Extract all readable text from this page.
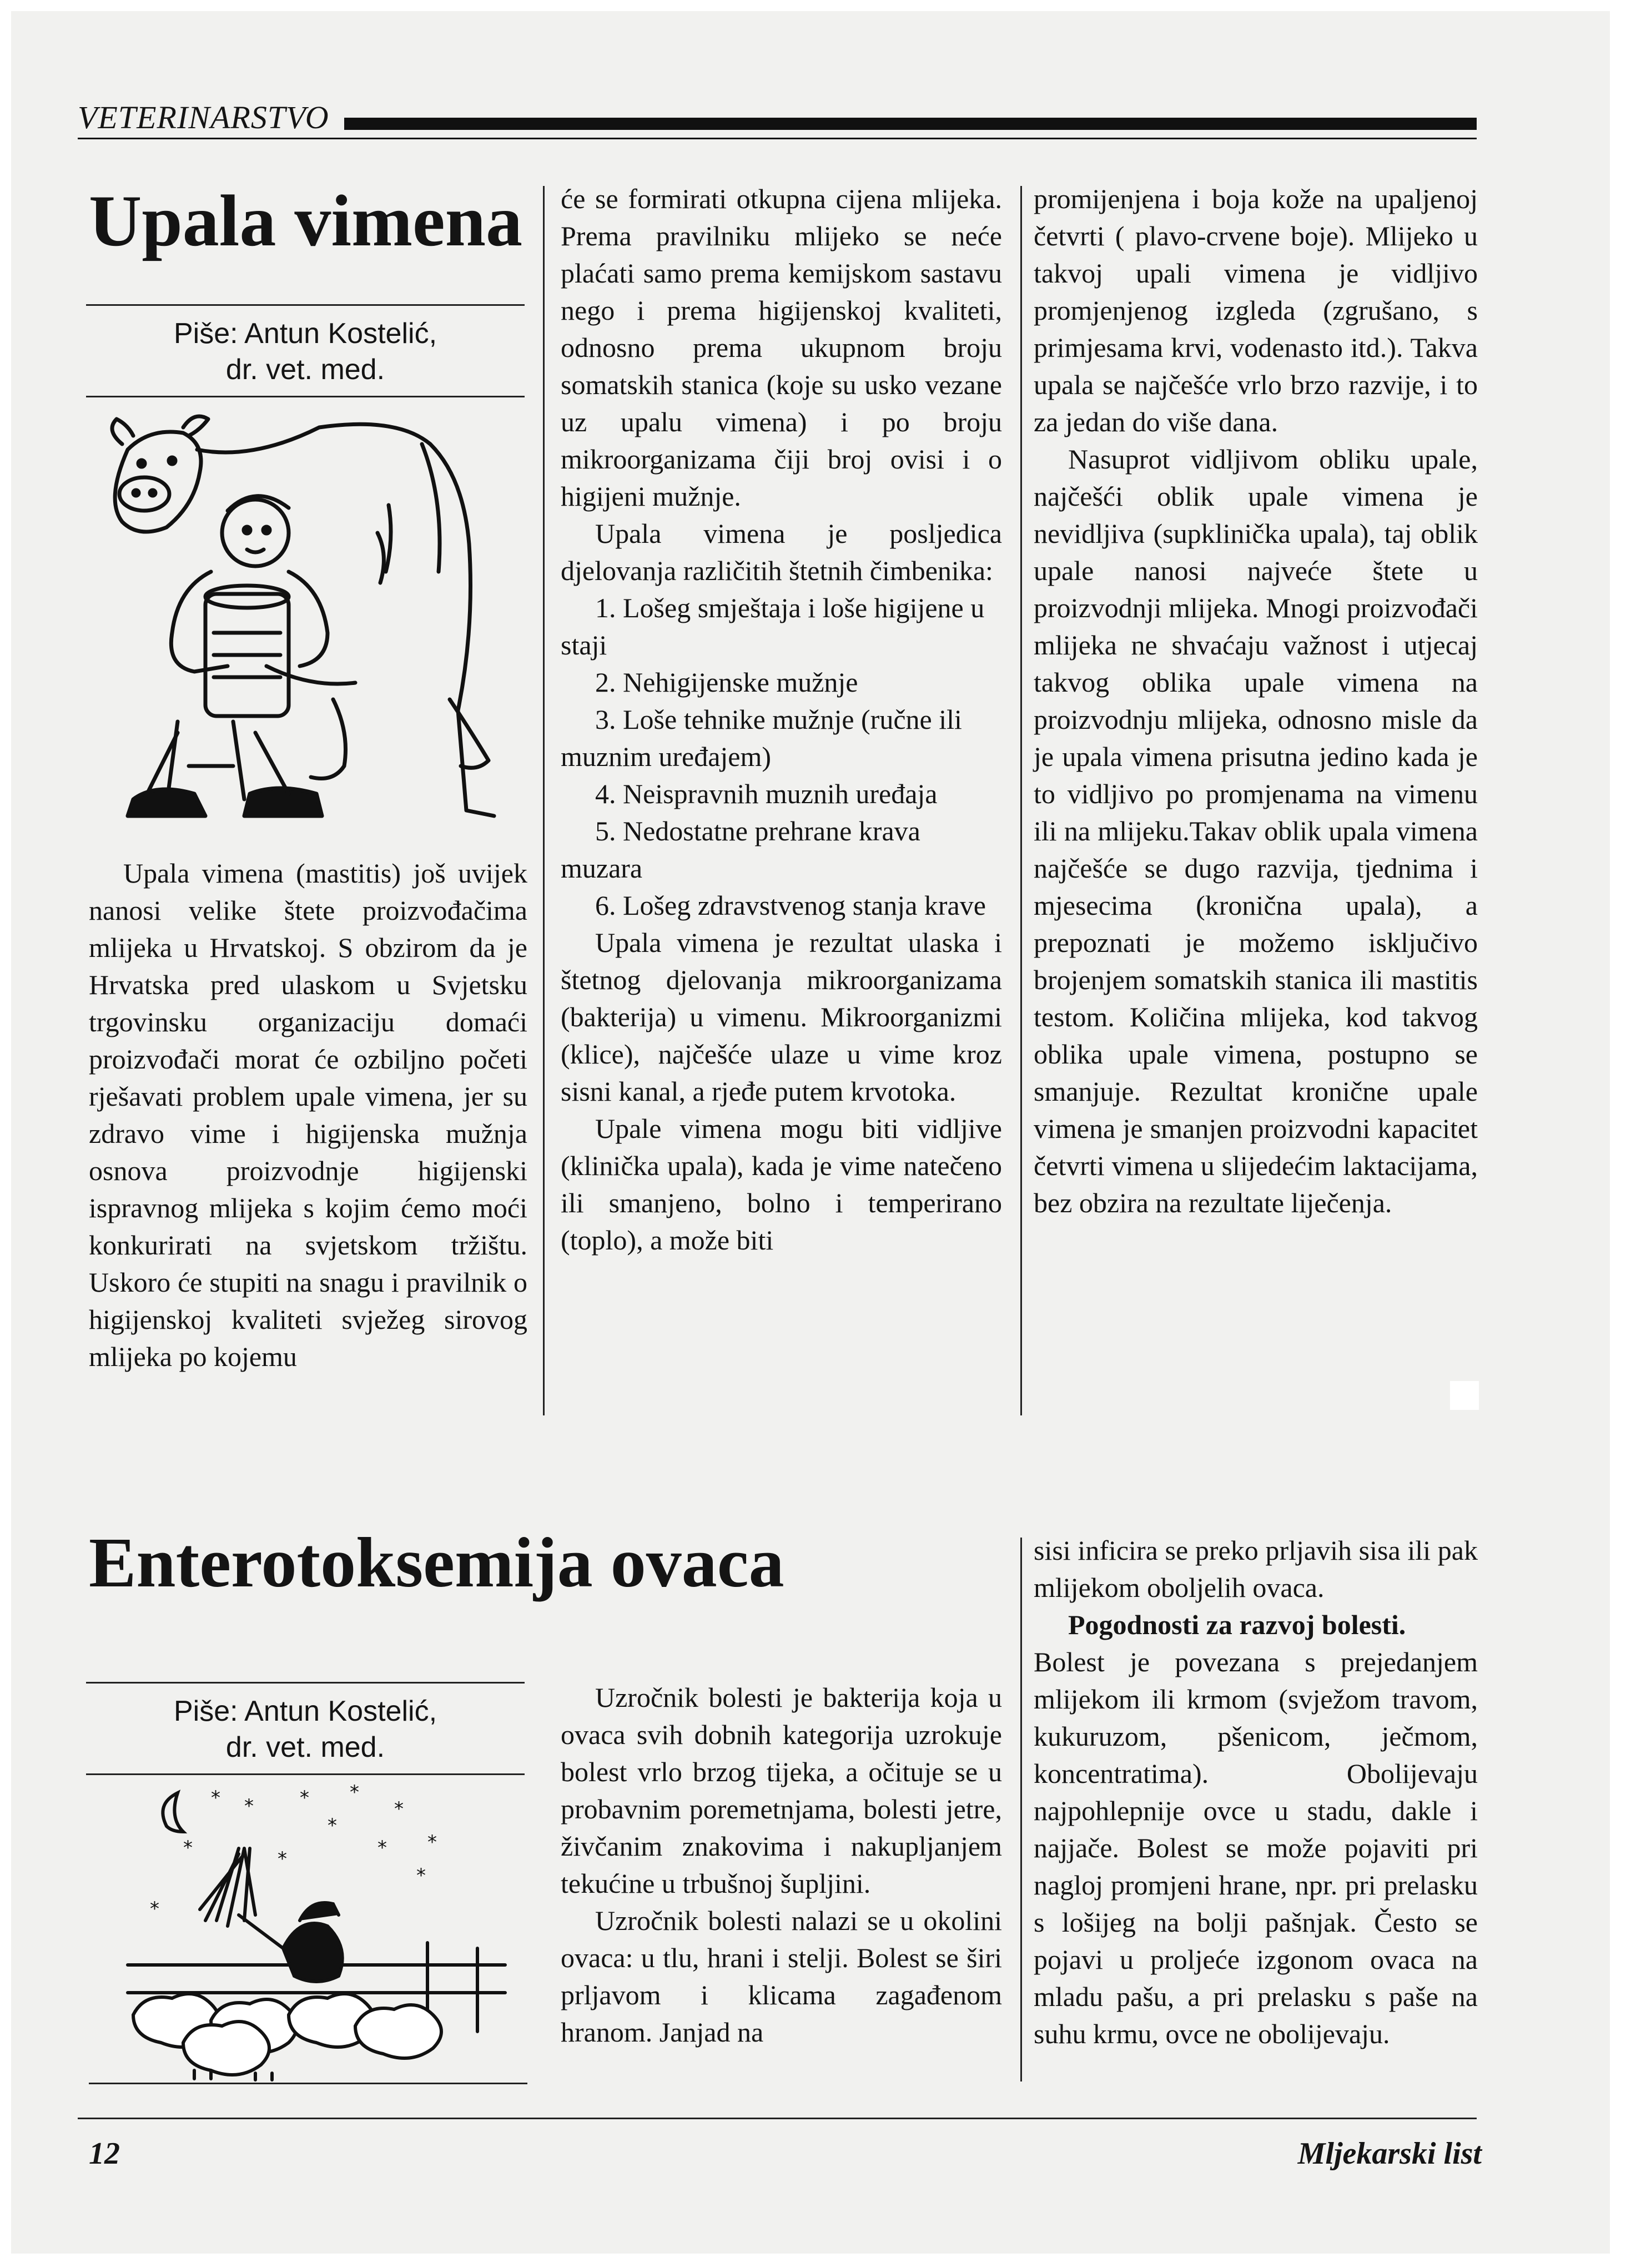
VETERINARSTVO
Upala vimena
Piše: Antun Kostelić,
dr. vet. med.

Upala vimena (mastitis) još uvijek nanosi velike štete proizvođačima mlijeka u Hrvatskoj. S obzirom da je Hrvatska pred ulaskom u Svjetsku trgovinsku organizaciju domaći proizvođači morat će ozbiljno početi rješavati problem upale vimena, jer su zdravo vime i higijenska mužnja osnova proizvodnje higijenski ispravnog mlijeka s kojim ćemo moći konkurirati na svjetskom tržištu. Uskoro će stupiti na snagu i pravilnik o higijenskoj kvaliteti svježeg sirovog mlijeka po kojemu

će se formirati otkupna cijena mlijeka. Prema pravilniku mlijeko se neće plaćati samo prema kemijskom sastavu nego i prema higijenskoj kvaliteti, odnosno prema ukupnom broju somatskih stanica (koje su usko vezane uz upalu vimena) i po broju mikroorganizama čiji broj ovisi i o higijeni mužnje.

Upala vimena je posljedica djelovanja različitih štetnih čimbenika:

1. Lošeg smještaja i loše higijene u staji

2. Nehigijenske mužnje

3. Loše tehnike mužnje (ručne ili muznim uređajem)

4. Neispravnih muznih uređaja

5. Nedostatne prehrane krava muzara

6. Lošeg zdravstvenog stanja krave

Upala vimena je rezultat ulaska i štetnog djelovanja mikroorganizama (bakterija) u vimenu. Mikroorganizmi (klice), najčešće ulaze u vime kroz sisni kanal, a rjeđe putem krvotoka.

Upale vimena mogu biti vidljive (klinička upala), kada je vime natečeno ili smanjeno, bolno i temperirano (toplo), a može biti

promijenjena i boja kože na upaljenoj četvrti ( plavo-crvene boje). Mlijeko u takvoj upali vimena je vidljivo promjenjenog izgleda (zgrušano, s primjesama krvi, vodenasto itd.). Takva upala se najčešće vrlo brzo razvije, i to za jedan do više dana.

Nasuprot vidljivom obliku upale, najčešći oblik upale vimena je nevidljiva (supklinička upala), taj oblik upale nanosi najveće štete u proizvodnji mlijeka. Mnogi proizvođači mlijeka ne shvaćaju važnost i utjecaj takvog oblika upale vimena na proizvodnju mlijeka, odnosno misle da je upala vimena prisutna jedino kada je to vidljivo po promjenama na vimenu ili na mlijeku.Takav oblik upala vimena najčešće se dugo razvija, tjednima i mjesecima (kronična upala), a prepoznati je možemo isključivo brojenjem somatskih stanica ili mastitis testom. Količina mlijeka, kod takvog oblika upale vimena, postupno se smanjuje. Rezultat kronične upale vimena je smanjen proizvodni kapacitet četvrti vimena u slijedećim laktacijama, bez obzira na rezultate liječenja.

Enterotoksemija ovaca
Piše: Antun Kostelić,
dr. vet. med.
* * * *
*
*
*	* *
*
*
*

Uzročnik bolesti je bakterija koja u ovaca svih dobnih kategorija uzrokuje bolest vrlo brzog tijeka, a očituje se u probavnim poremetnjama, bolesti jetre, živčanim znakovima i nakupljanjem tekućine u trbušnoj šupljini.

Uzročnik bolesti nalazi se u okolini ovaca: u tlu, hrani i stelji. Bolest se širi prljavom i klicama zagađenom hranom. Janjad na

sisi inficira se preko prljavih sisa ili pak mlijekom oboljelih ovaca.

Pogodnosti za razvoj bolesti.

Bolest je povezana s prejedanjem mlijekom ili krmom (svježom travom, kukuruzom, pšenicom, ječmom, koncentratima). Obolijevaju najpohlepnije ovce u stadu, dakle i najjače. Bolest se može pojaviti pri naglој promjeni hrane, npr. pri prelasku s lošijeg na bolji pašnjak. Često se pojavi u proljeće izgonom ovaca na mladu pašu, a pri prelasku s paše na suhu krmu, ovce ne obolijevaju.

12	Mljekarski list
